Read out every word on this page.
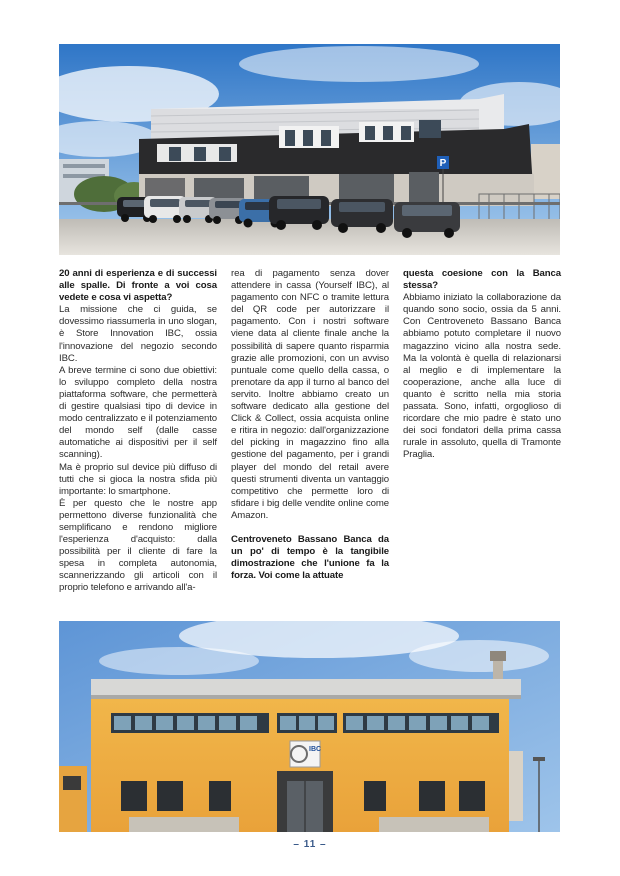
P

20 anni di esperienza e di successi alle spalle. Di fronte a voi cosa vedete e cosa vi aspetta?

La missione che ci guida, se dovessimo riassumerla in uno slogan, è Store Innovation IBC, ossia l'innovazione del negozio secondo IBC.

A breve termine ci sono due obiettivi: lo sviluppo completo della nostra piattaforma software, che permetterà di gestire qualsiasi tipo di device in modo centralizzato e il potenziamento del mondo self (dalle casse automatiche ai dispositivi per il self scanning).

Ma è proprio sul device più diffuso di tutti che si gioca la nostra sfida più importante: lo smartphone.

È per questo che le nostre app permettono diverse funzionalità che semplificano e rendono migliore l'esperienza d'acquisto: dalla possibilità per il cliente di fare la spesa in completa autonomia, scannerizzando gli articoli con il proprio telefono e arrivando all'a-

rea di pagamento senza dover attendere in cassa (Yourself IBC), al pagamento con NFC o tramite lettura del QR code per autorizzare il pagamento. Con i nostri software viene data al cliente finale anche la possibilità di sapere quanto risparmia grazie alle promozioni, con un avviso puntuale come quello della cassa, o prenotare da app il turno al banco del servito. Inoltre abbiamo creato un software dedicato alla gestione del Click & Collect, ossia acquista online e ritira in negozio: dall'organizzazione del picking in magazzino fino alla gestione del pagamento, per i grandi player del mondo del retail avere questi strumenti diventa un vantaggio competitivo che permette loro di sfidare i big delle vendite online come Amazon.

Centroveneto Bassano Banca da un po' di tempo è la tangibile dimostrazione che l'unione fa la forza. Voi come la attuate

questa coesione con la Banca stessa?

Abbiamo iniziato la collaborazione da quando sono socio, ossia da 5 anni. Con Centroveneto Bassano Banca abbiamo potuto completare il nuovo magazzino vicino alla nostra sede. Ma la volontà è quella di relazionarsi al meglio e di implementare la cooperazione, anche alla luce di quanto è scritto nella mia storia passata. Sono, infatti, orgoglioso di ricordare che mio padre è stato uno dei soci fondatori della prima cassa rurale in assoluto, quella di Tramonte Praglia.

IBC
– 11 –
